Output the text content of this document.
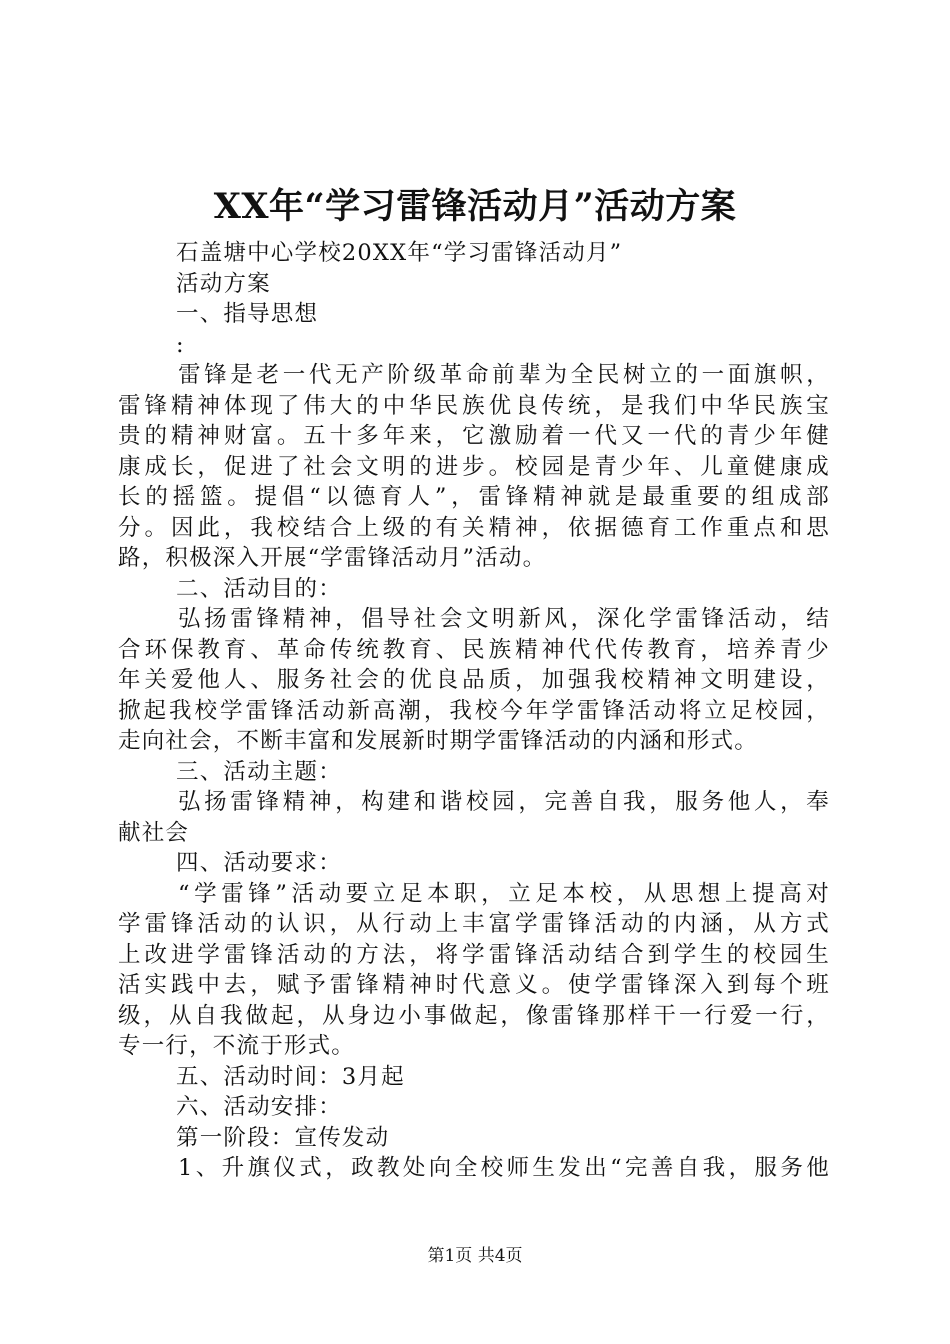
XX年“学习雷锋活动月”活动方案

石盖塘中心学校20XX年“学习雷锋活动月”

活动方案

一、指导思想

:

雷锋是老一代无产阶级革命前辈为全民树立的一面旗帜，

雷锋精神体现了伟大的中华民族优良传统，是我们中华民族宝

贵的精神财富。五十多年来，它激励着一代又一代的青少年健

康成长，促进了社会文明的进步。校园是青少年、儿童健康成

长的摇篮。提倡“以德育人”，雷锋精神就是最重要的组成部

分。因此，我校结合上级的有关精神，依据德育工作重点和思

路，积极深入开展“学雷锋活动月”活动。

二、活动目的：

弘扬雷锋精神，倡导社会文明新风，深化学雷锋活动，结

合环保教育、革命传统教育、民族精神代代传教育，培养青少

年关爱他人、服务社会的优良品质，加强我校精神文明建设，

掀起我校学雷锋活动新高潮，我校今年学雷锋活动将立足校园，

走向社会，不断丰富和发展新时期学雷锋活动的内涵和形式。

三、活动主题：

弘扬雷锋精神，构建和谐校园，完善自我，服务他人，奉

献社会

四、活动要求：

“学雷锋”活动要立足本职，立足本校，从思想上提高对

学雷锋活动的认识，从行动上丰富学雷锋活动的内涵，从方式

上改进学雷锋活动的方法，将学雷锋活动结合到学生的校园生

活实践中去，赋予雷锋精神时代意义。使学雷锋深入到每个班

级，从自我做起，从身边小事做起，像雷锋那样干一行爱一行，

专一行，不流于形式。

五、活动时间：3月起

六、活动安排：

第一阶段：宣传发动

1、升旗仪式，政教处向全校师生发出“完善自我，服务他

第1页 共4页
